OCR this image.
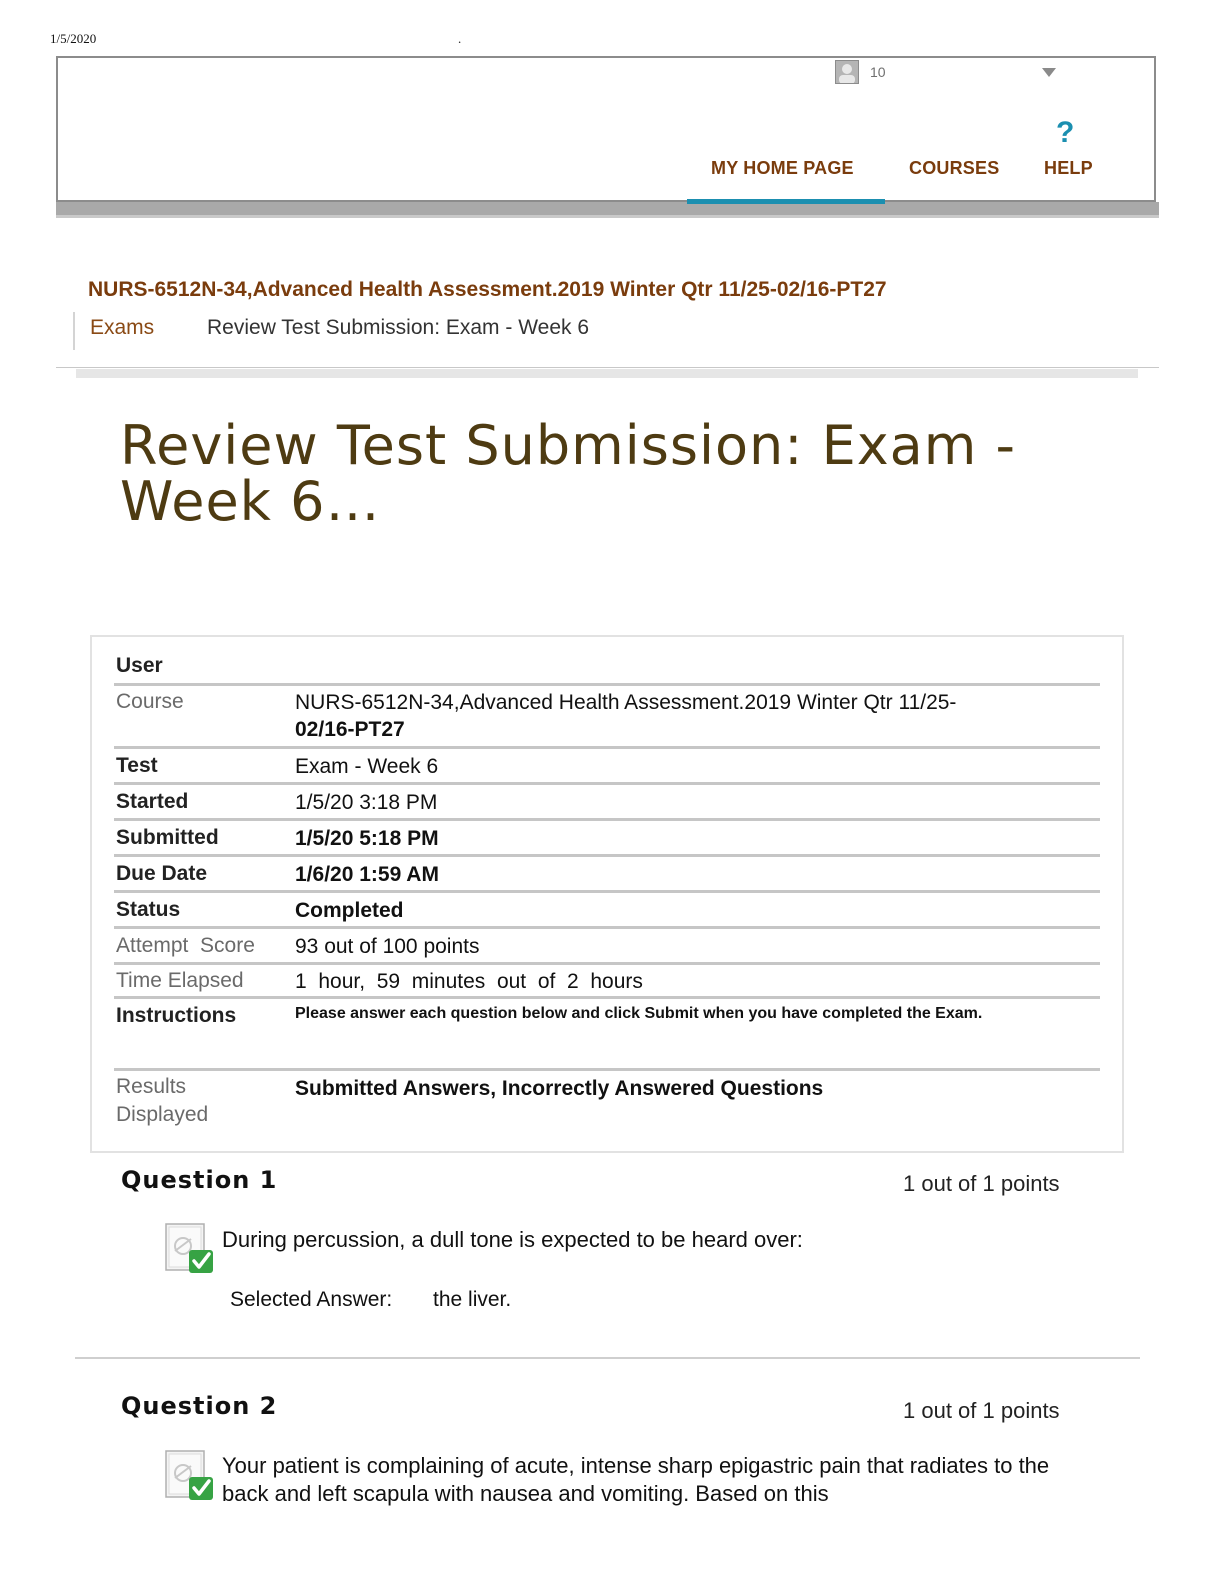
1/5/2020	.
10
?
MY HOME PAGE	COURSES HELP
NURS-6512N-34,Advanced Health Assessment.2019 Winter Qtr 11/25-02/16-PT27
Exams	Review Test Submission: Exam - Week 6
Review Test Submission: Exam - Week 6…
User
Course	NURS-6512N-34,Advanced Health Assessment.2019 Winter Qtr 11/25-
02/16-PT27
Test	Exam - Week 6
Started	1/5/20 3:18 PM
Submitted	1/5/20 5:18 PM
Due Date	1/6/20 1:59 AM
Status	Completed
Attempt  Score 93 out of 100 points
Time Elapsed 1  hour,  59  minutes  out  of  2  hours
Instructions	Please answer each question below and click Submit when you have completed the Exam.
Results
Displayed
Submitted Answers, Incorrectly Answered Questions
Question 1	1 out of 1 points
During percussion, a dull tone is expected to be heard over:
Selected Answer: the liver.
Question 2	1 out of 1 points
Your patient is complaining of acute, intense sharp epigastric pain that radiates to the back and left scapula with nausea and vomiting. Based on this
